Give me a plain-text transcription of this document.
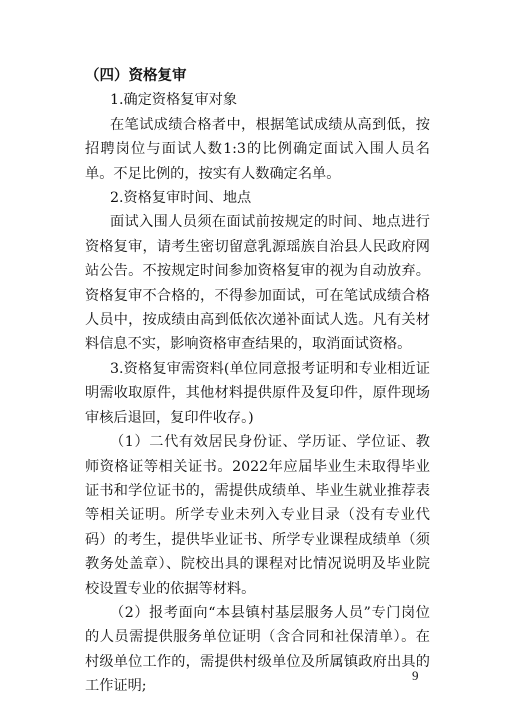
（四）资格复审

1.确定资格复审对象

在笔试成绩合格者中，根据笔试成绩从高到低，按招聘岗位与面试人数1:3的比例确定面试入围人员名单。不足比例的，按实有人数确定名单。

2.资格复审时间、地点

面试入围人员须在面试前按规定的时间、地点进行资格复审，请考生密切留意乳源瑶族自治县人民政府网站公告。不按规定时间参加资格复审的视为自动放弃。资格复审不合格的，不得参加面试，可在笔试成绩合格人员中，按成绩由高到低依次递补面试人选。凡有关材料信息不实，影响资格审查结果的，取消面试资格。

3.资格复审需资料(单位同意报考证明和专业相近证明需收取原件，其他材料提供原件及复印件，原件现场审核后退回，复印件收存。)

（1）二代有效居民身份证、学历证、学位证、教师资格证等相关证书。2022年应届毕业生未取得毕业证书和学位证书的，需提供成绩单、毕业生就业推荐表等相关证明。所学专业未列入专业目录（没有专业代码）的考生，提供毕业证书、所学专业课程成绩单（须教务处盖章）、院校出具的课程对比情况说明及毕业院校设置专业的依据等材料。

（2）报考面向“本县镇村基层服务人员”专门岗位的人员需提供服务单位证明（含合同和社保清单）。在村级单位工作的，需提供村级单位及所属镇政府出具的工作证明;

9
